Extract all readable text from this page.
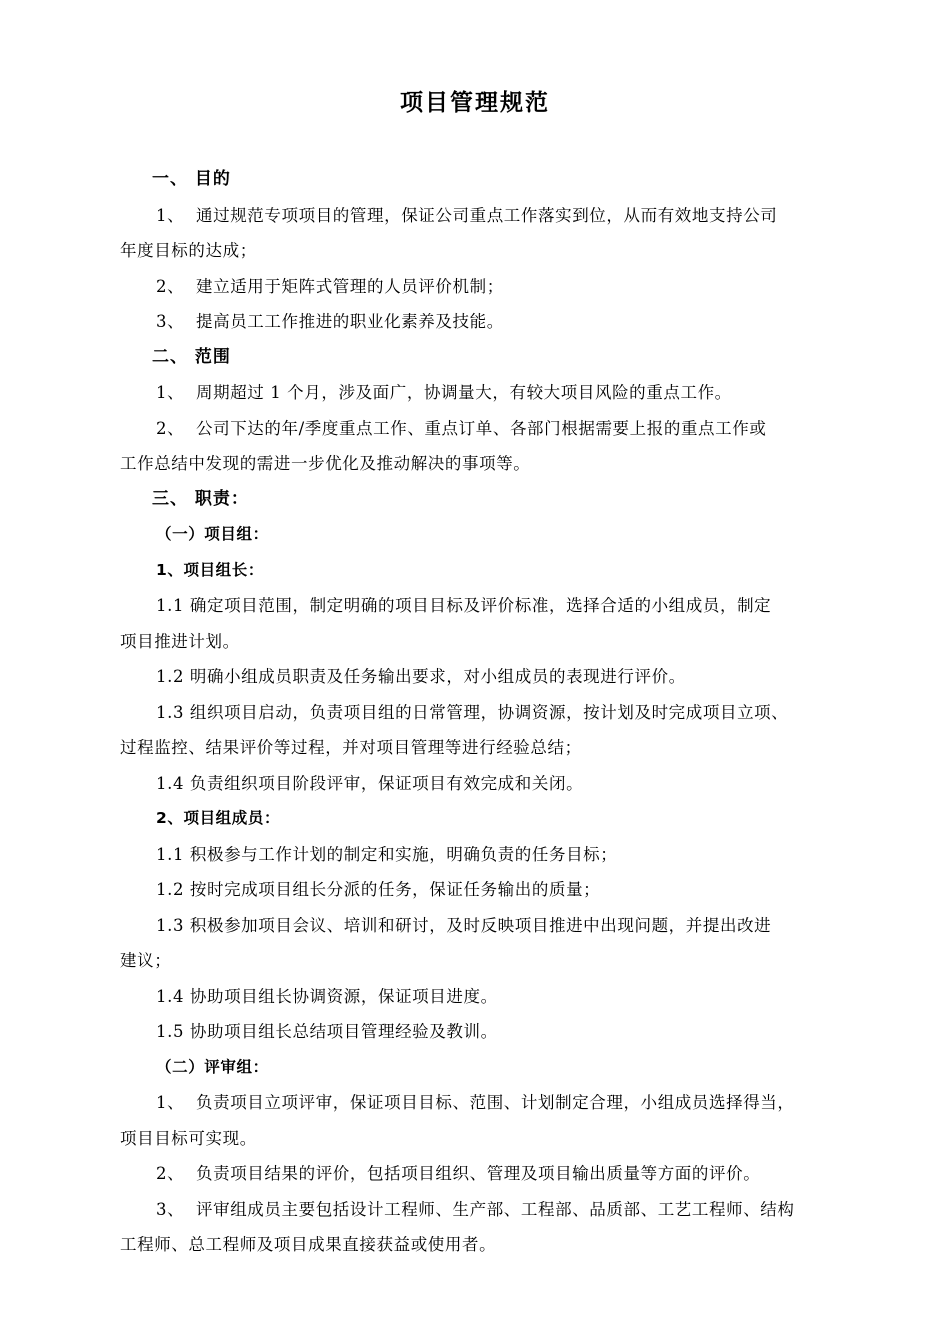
项目管理规范
一、 目的
1、 通过规范专项项目的管理，保证公司重点工作落实到位，从而有效地支持公司
年度目标的达成；
2、 建立适用于矩阵式管理的人员评价机制；
3、 提高员工工作推进的职业化素养及技能。
二、 范围
1、 周期超过 1 个月，涉及面广，协调量大，有较大项目风险的重点工作。
2、 公司下达的年/季度重点工作、重点订单、各部门根据需要上报的重点工作或
工作总结中发现的需进一步优化及推动解决的事项等。
三、 职责：
（一）项目组：
1、项目组长：
1.1 确定项目范围，制定明确的项目目标及评价标准，选择合适的小组成员，制定
项目推进计划。
1.2 明确小组成员职责及任务输出要求，对小组成员的表现进行评价。
1.3 组织项目启动，负责项目组的日常管理，协调资源，按计划及时完成项目立项、
过程监控、结果评价等过程，并对项目管理等进行经验总结；
1.4 负责组织项目阶段评审，保证项目有效完成和关闭。
2、项目组成员：
1.1 积极参与工作计划的制定和实施，明确负责的任务目标；
1.2 按时完成项目组长分派的任务，保证任务输出的质量；
1.3 积极参加项目会议、培训和研讨，及时反映项目推进中出现问题，并提出改进
建议；
1.4 协助项目组长协调资源，保证项目进度。
1.5 协助项目组长总结项目管理经验及教训。
（二）评审组：
1、 负责项目立项评审，保证项目目标、范围、计划制定合理，小组成员选择得当，
项目目标可实现。
2、 负责项目结果的评价，包括项目组织、管理及项目输出质量等方面的评价。
3、 评审组成员主要包括设计工程师、生产部、工程部、品质部、工艺工程师、结构
工程师、总工程师及项目成果直接获益或使用者。
